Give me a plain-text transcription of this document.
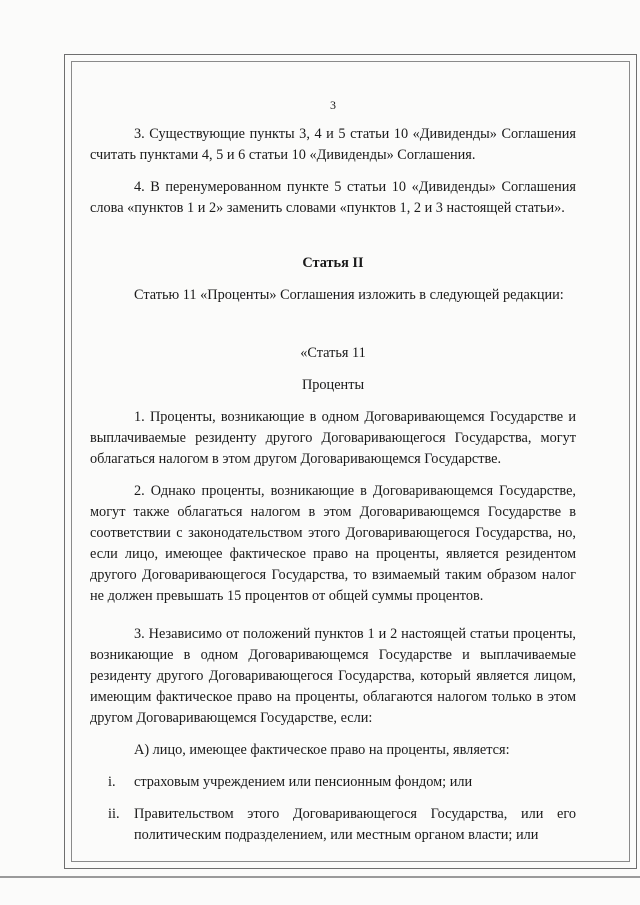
3

3. Существующие пункты 3, 4 и 5 статьи 10 «Дивиденды» Соглашения считать пунктами 4, 5 и 6 статьи 10 «Дивиденды» Соглашения.

4. В перенумерованном пункте 5 статьи 10 «Дивиденды» Соглашения слова «пунктов 1 и 2» заменить словами «пунктов 1, 2 и 3 настоящей статьи».

Статья II

Статью 11 «Проценты» Соглашения изложить в следующей редакции:

«Статья 11

Проценты

1. Проценты, возникающие в одном Договаривающемся Государстве и выплачиваемые резиденту другого Договаривающегося Государства, могут облагаться налогом в этом другом Договаривающемся Государстве.

2. Однако проценты, возникающие в Договаривающемся Государстве, могут также облагаться налогом в этом Договаривающемся Государстве в соответствии с законодательством этого Договаривающегося Государства, но, если лицо, имеющее фактическое право на проценты, является резидентом другого Договаривающегося Государства, то взимаемый таким образом налог не должен превышать 15 процентов от общей суммы процентов.

3. Независимо от положений пунктов 1 и 2 настоящей статьи проценты, возникающие в одном Договаривающемся Государстве и выплачиваемые резиденту другого Договаривающегося Государства, который является лицом, имеющим фактическое право на проценты, облагаются налогом только в этом другом Договаривающемся Государстве, если:

А) лицо, имеющее фактическое право на проценты, является:

i.	страховым учреждением или пенсионным фондом; или
ii.	Правительством этого Договаривающегося Государства, или его политическим подразделением, или местным органом власти; или
